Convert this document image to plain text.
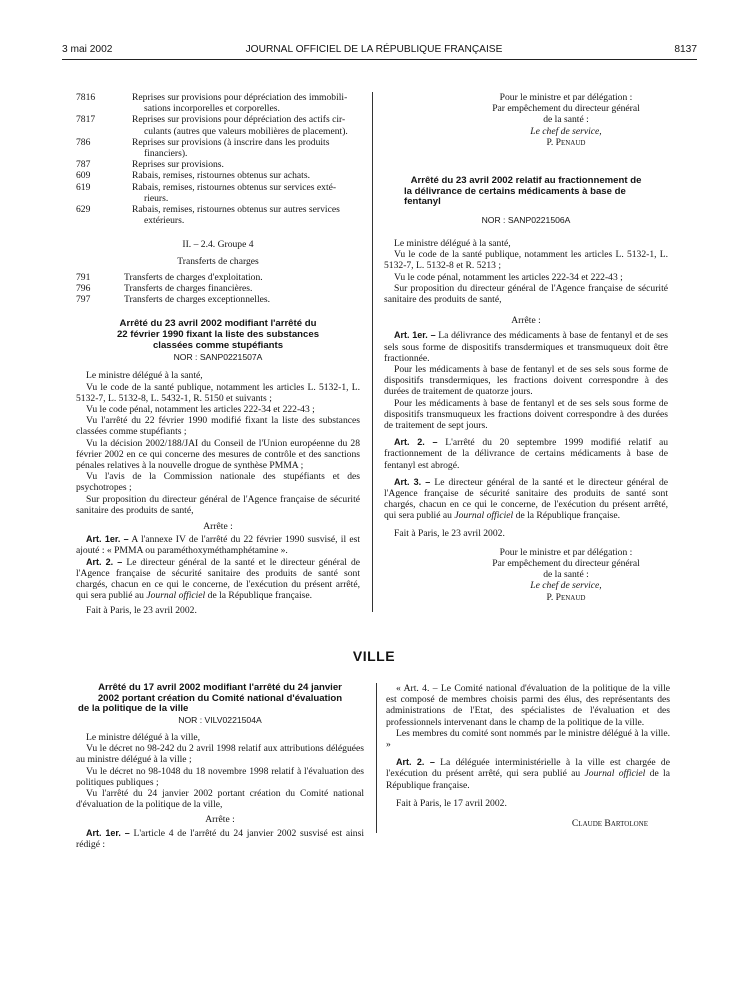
3 mai 2002	JOURNAL OFFICIEL DE LA RÉPUBLIQUE FRANÇAISE	8137
7816	Reprises sur provisions pour dépréciation des immobili-
sations incorporelles et corporelles.
7817	Reprises sur provisions pour dépréciation des actifs cir-
culants (autres que valeurs mobilières de placement).
786	Reprises sur provisions (à inscrire dans les produits
financiers).
787	Reprises sur provisions.
609	Rabais, remises, ristournes obtenus sur achats.
619	Rabais, remises, ristournes obtenus sur services exté-
rieurs.
629	Rabais, remises, ristournes obtenus sur autres services
extérieurs.
II. – 2.4. Groupe 4
Transferts de charges
791	Transferts de charges d'exploitation.
796	Transferts de charges financières.
797	Transferts de charges exceptionnelles.

Arrêté du 23 avril 2002 modifiant l'arrêté du

22 février 1990 fixant la liste des substances

classées comme stupéfiants

NOR : SANP0221507A

Le ministre délégué à la santé,

Vu le code de la santé publique, notamment les articles L. 5132-1, L. 5132-7, L. 5132-8, L. 5432-1, R. 5150 et suivants ;

Vu le code pénal, notamment les articles 222-34 et 222-43 ;

Vu l'arrêté du 22 février 1990 modifié fixant la liste des substances classées comme stupéfiants ;

Vu la décision 2002/188/JAI du Conseil de l'Union européenne du 28 février 2002 en ce qui concerne des mesures de contrôle et des sanctions pénales relatives à la nouvelle drogue de synthèse PMMA ;

Vu l'avis de la Commission nationale des stupéfiants et des psychotropes ;

Sur proposition du directeur général de l'Agence française de sécurité sanitaire des produits de santé,

Arrête :

Art. 1er. – A l'annexe IV de l'arrêté du 22 février 1990 susvisé, il est ajouté : « PMMA ou paraméthoxyméthamphétamine ».

Art. 2. – Le directeur général de la santé et le directeur général de l'Agence française de sécurité sanitaire des produits de santé sont chargés, chacun en ce qui le concerne, de l'exécution du présent arrêté, qui sera publié au Journal officiel de la République française.

Fait à Paris, le 23 avril 2002.

Pour le ministre et par délégation :
Par empêchement du directeur général
de la santé :
Le chef de service,
P. Penaud

Arrêté du 23 avril 2002 relatif au fractionnement de

la délivrance de certains médicaments à base de

fentanyl

NOR : SANP0221506A

Le ministre délégué à la santé,

Vu le code de la santé publique, notamment les articles L. 5132-1, L. 5132-7, L. 5132-8 et R. 5213 ;

Vu le code pénal, notamment les articles 222-34 et 222-43 ;

Sur proposition du directeur général de l'Agence française de sécurité sanitaire des produits de santé,

Arrête :

Art. 1er. – La délivrance des médicaments à base de fentanyl et de ses sels sous forme de dispositifs transdermiques et transmuqueux doit être fractionnée.

Pour les médicaments à base de fentanyl et de ses sels sous forme de dispositifs transdermiques, les fractions doivent correspondre à des durées de traitement de quatorze jours.

Pour les médicaments à base de fentanyl et de ses sels sous forme de dispositifs transmuqueux les fractions doivent correspondre à des durées de traitement de sept jours.

Art. 2. – L'arrêté du 20 septembre 1999 modifié relatif au fractionnement de la délivrance de certains médicaments à base de fentanyl est abrogé.

Art. 3. – Le directeur général de la santé et le directeur général de l'Agence française de sécurité sanitaire des produits de santé sont chargés, chacun en ce qui le concerne, de l'exécution du présent arrêté, qui sera publié au Journal officiel de la République française.

Fait à Paris, le 23 avril 2002.

Pour le ministre et par délégation :
Par empêchement du directeur général
de la santé :
Le chef de service,
P. Penaud
VILLE

Arrêté du 17 avril 2002 modifiant l'arrêté du 24 janvier

2002 portant création du Comité national d'évaluation

de la politique de la ville

NOR : VILV0221504A

Le ministre délégué à la ville,

Vu le décret no 98-242 du 2 avril 1998 relatif aux attributions déléguées au ministre délégué à la ville ;

Vu le décret no 98-1048 du 18 novembre 1998 relatif à l'évaluation des politiques publiques ;

Vu l'arrêté du 24 janvier 2002 portant création du Comité national d'évaluation de la politique de la ville,

Arrête :

Art. 1er. – L'article 4 de l'arrêté du 24 janvier 2002 susvisé est ainsi rédigé :

« Art. 4. – Le Comité national d'évaluation de la politique de la ville est composé de membres choisis parmi des élus, des représentants des administrations de l'Etat, des spécialistes de l'évaluation et des professionnels intervenant dans le champ de la politique de la ville.

Les membres du comité sont nommés par le ministre délégué à la ville. »

Art. 2. – La déléguée interministérielle à la ville est chargée de l'exécution du présent arrêté, qui sera publié au Journal officiel de la République française.

Fait à Paris, le 17 avril 2002.

Claude Bartolone
